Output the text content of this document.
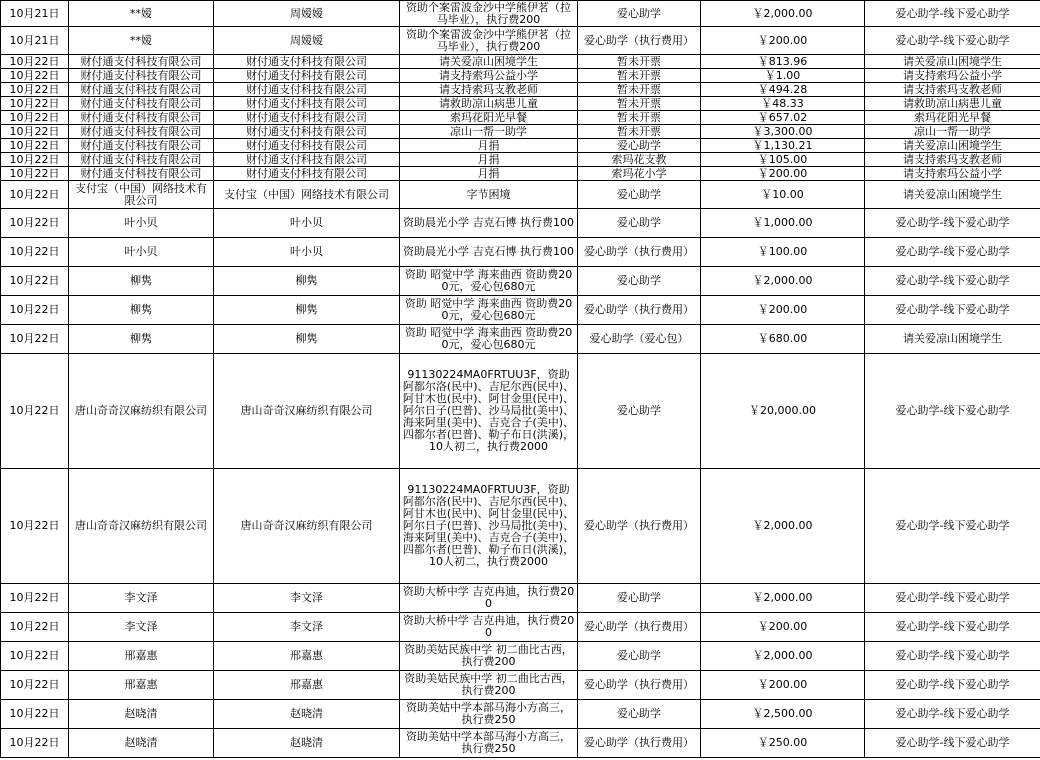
10月21日	**嫒	周嫒嫒	资助个案雷波金沙中学熊伊茗（拉马毕业），执行费200	爱心助学	￥2,000.00	爱心助学-线下爱心助学
10月21日	**嫒	周嫒嫒	资助个案雷波金沙中学熊伊茗（拉马毕业），执行费200	爱心助学（执行费用）	￥200.00	爱心助学-线下爱心助学
10月22日	财付通支付科技有限公司	财付通支付科技有限公司	请关爱凉山困境学生	暂未开票	￥813.96	请关爱凉山困境学生
10月22日	财付通支付科技有限公司	财付通支付科技有限公司	请支持索玛公益小学	暂未开票	￥1.00	请支持索玛公益小学
10月22日	财付通支付科技有限公司	财付通支付科技有限公司	请支持索玛支教老师	暂未开票	￥494.28	请支持索玛支教老师
10月22日	财付通支付科技有限公司	财付通支付科技有限公司	请救助凉山病患儿童	暂未开票	￥48.33	请救助凉山病患儿童
10月22日	财付通支付科技有限公司	财付通支付科技有限公司	索玛花阳光早餐	暂未开票	￥657.02	索玛花阳光早餐
10月22日	财付通支付科技有限公司	财付通支付科技有限公司	凉山一帮一助学	暂未开票	￥3,300.00	凉山一帮一助学
10月22日	财付通支付科技有限公司	财付通支付科技有限公司	月捐	爱心助学	￥1,130.21	请关爱凉山困境学生
10月22日	财付通支付科技有限公司	财付通支付科技有限公司	月捐	索玛花支教	￥105.00	请支持索玛支教老师
10月22日	财付通支付科技有限公司	财付通支付科技有限公司	月捐	索玛花小学	￥200.00	请支持索玛公益小学
10月22日	支付宝（中国）网络技术有限公司	支付宝（中国）网络技术有限公司	字节困境	爱心助学	￥10.00	请关爱凉山困境学生
10月22日	叶小贝	叶小贝	资助晨光小学 吉克石博 执行费100	爱心助学	￥1,000.00	爱心助学-线下爱心助学
10月22日	叶小贝	叶小贝	资助晨光小学 吉克石博 执行费100	爱心助学（执行费用）	￥100.00	爱心助学-线下爱心助学
10月22日	柳隽	柳隽	资助 昭觉中学 海来曲西 资助费200元，爱心包680元	爱心助学	￥2,000.00	爱心助学-线下爱心助学
10月22日	柳隽	柳隽	资助 昭觉中学 海来曲西 资助费200元，爱心包680元	爱心助学（执行费用）	￥200.00	爱心助学-线下爱心助学
10月22日	柳隽	柳隽	资助 昭觉中学 海来曲西 资助费200元，爱心包680元	爱心助学（爱心包）	￥680.00	请关爱凉山困境学生
10月22日	唐山奇奇汉麻纺织有限公司	唐山奇奇汉麻纺织有限公司	91130224MA0FRTUU3F，资助阿都尔洛(民中)、吉尼尔西(民中)、阿甘木也(民中)、阿甘金里(民中)、阿尔日子(巴普)、沙马局批(美中)、海来阿里(美中)、吉克合子(美中)、四都尔者(巴普)、勒子布日(洪溪)，10人初二，执行费2000	爱心助学	￥20,000.00	爱心助学-线下爱心助学
10月22日	唐山奇奇汉麻纺织有限公司	唐山奇奇汉麻纺织有限公司	91130224MA0FRTUU3F，资助阿都尔洛(民中)、吉尼尔西(民中)、阿甘木也(民中)、阿甘金里(民中)、阿尔日子(巴普)、沙马局批(美中)、海来阿里(美中)、吉克合子(美中)、四都尔者(巴普)、勒子布日(洪溪)，10人初二，执行费2000	爱心助学（执行费用）	￥2,000.00	爱心助学-线下爱心助学
10月22日	李文泽	李文泽	资助大桥中学 吉克冉迪，执行费200	爱心助学	￥2,000.00	爱心助学-线下爱心助学
10月22日	李文泽	李文泽	资助大桥中学 吉克冉迪，执行费200	爱心助学（执行费用）	￥200.00	爱心助学-线下爱心助学
10月22日	邢嘉惠	邢嘉惠	资助美姑民族中学 初二曲比古西，执行费200	爱心助学	￥2,000.00	爱心助学-线下爱心助学
10月22日	邢嘉惠	邢嘉惠	资助美姑民族中学 初二曲比古西，执行费200	爱心助学（执行费用）	￥200.00	爱心助学-线下爱心助学
10月22日	赵晓清	赵晓清	资助美姑中学本部马海小方高三，执行费250	爱心助学	￥2,500.00	爱心助学-线下爱心助学
10月22日	赵晓清	赵晓清	资助美姑中学本部马海小方高三，执行费250	爱心助学（执行费用）	￥250.00	爱心助学-线下爱心助学
